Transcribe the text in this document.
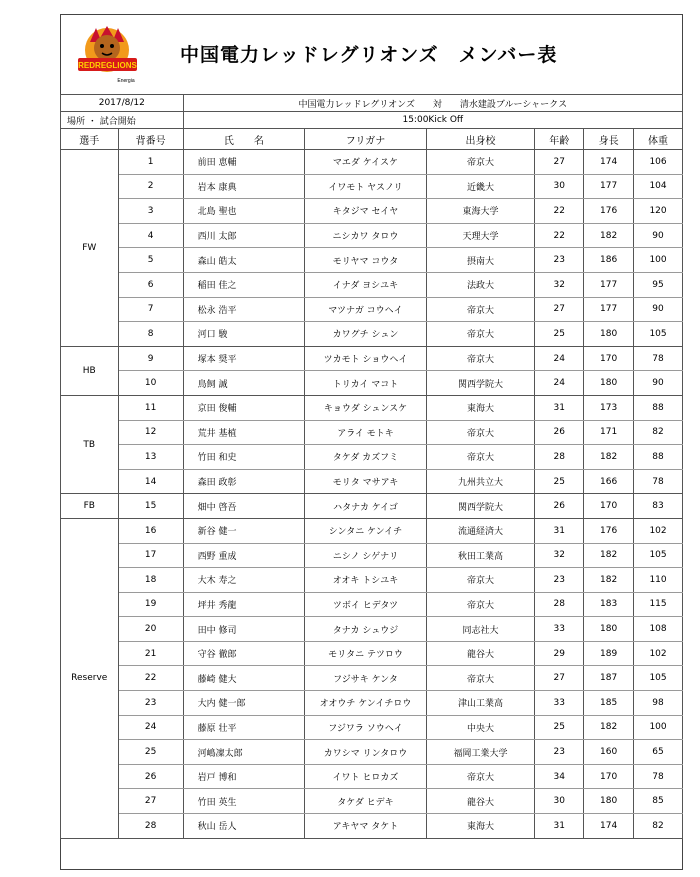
REDREGLIONS
Energia
中国電力レッドレグリオンズ　メンバー表
2017/8/12		中国電力レッドレグリオンズ　　対　　清水建設ブルーシャークス					
場所 ・ 試合開始		15:00Kick Off					
選手	背番号	氏　　名	フリガナ	出身校	年齢	身長	体重
FW	1	前田 恵輔	マエダ ケイスケ	帝京大	27	174	106
	2	岩本 康典	イワモト ヤスノリ	近畿大	30	177	104
	3	北島 聖也	キタジマ セイヤ	東海大学	22	176	120
	4	西川 太郎	ニシカワ タロウ	天理大学	22	182	90
	5	森山 皓太	モリヤマ コウタ	摂南大	23	186	100
	6	稲田 佳之	イナダ ヨシユキ	法政大	32	177	95
	7	松永 浩平	マツナガ コウヘイ	帝京大	27	177	90
	8	河口 駿	カワグチ シュン	帝京大	25	180	105
HB	9	塚本 奨平	ツカモト ショウヘイ	帝京大	24	170	78
	10	鳥飼 誠	トリカイ マコト	関西学院大	24	180	90
TB	11	京田 俊輔	キョウダ シュンスケ	東海大	31	173	88
	12	荒井 基植	アライ モトキ	帝京大	26	171	82
	13	竹田 和史	タケダ カズフミ	帝京大	28	182	88
	14	森田 政彰	モリタ マサアキ	九州共立大	25	166	78
FB	15	畑中 啓吾	ハタナカ ケイゴ	関西学院大	26	170	83
Reserve	16	新谷 健一	シンタニ ケンイチ	流通経済大	31	176	102
	17	西野 重成	ニシノ シゲナリ	秋田工業高	32	182	105
	18	大木 寿之	オオキ トシユキ	帝京大	23	182	110
	19	坪井 秀龍	ツボイ ヒデタツ	帝京大	28	183	115
	20	田中 修司	タナカ シュウジ	同志社大	33	180	108
	21	守谷 徹郎	モリタニ テツロウ	龍谷大	29	189	102
	22	藤崎 健大	フジサキ ケンタ	帝京大	27	187	105
	23	大内 健一郎	オオウチ ケンイチロウ	津山工業高	33	185	98
	24	藤原 壮平	フジワラ ソウヘイ	中央大	25	182	100
	25	河嶋凜太郎	カワシマ リンタロウ	福岡工業大学	23	160	65
	26	岩戸 博和	イワト ヒロカズ	帝京大	34	170	78
	27	竹田 英生	タケダ ヒデキ	龍谷大	30	180	85
	28	秋山 岳人	アキヤマ タケト	東海大	31	174	82
